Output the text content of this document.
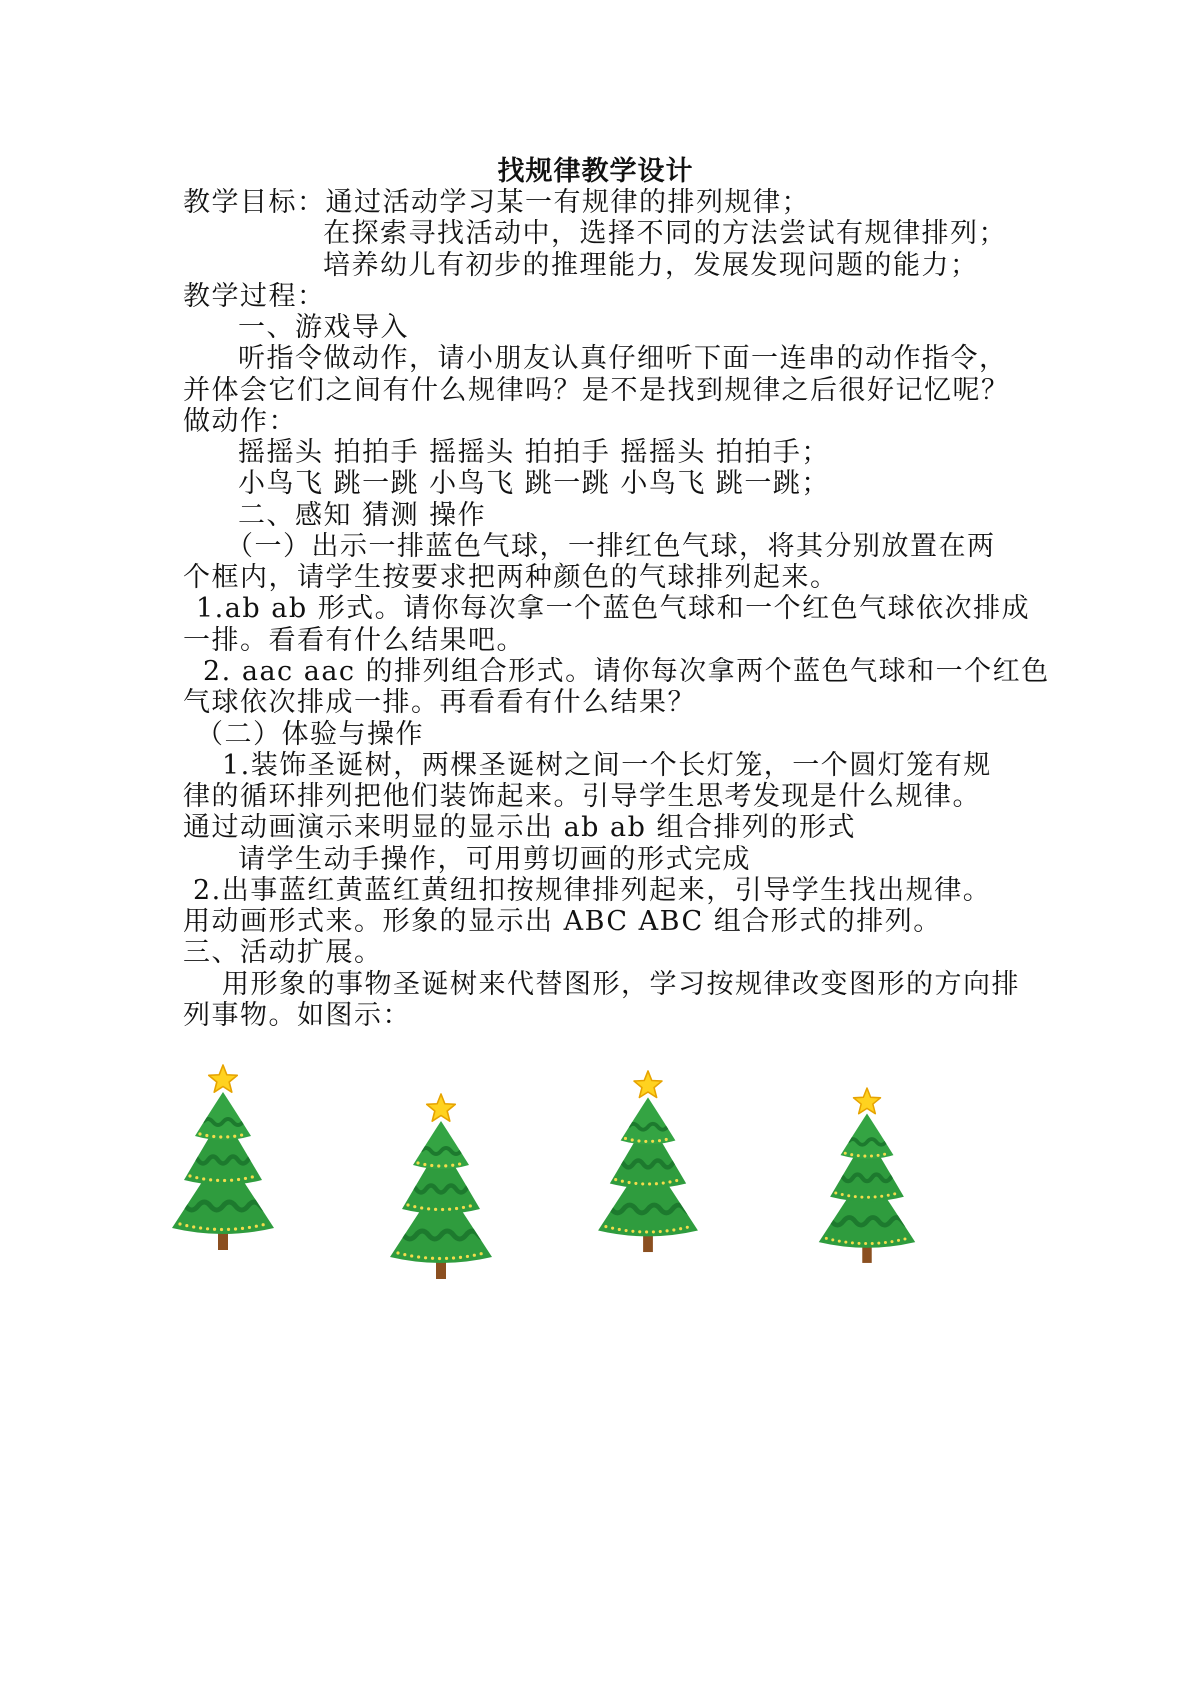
找规律教学设计
教学目标：通过活动学习某一有规律的排列规律；
在探索寻找活动中，选择不同的方法尝试有规律排列；
培养幼儿有初步的推理能力，发展发现问题的能力；
教学过程：
一、游戏导入
听指令做动作，请小朋友认真仔细听下面一连串的动作指令，
并体会它们之间有什么规律吗？是不是找到规律之后很好记忆呢？
做动作：
摇摇头 拍拍手 摇摇头 拍拍手 摇摇头 拍拍手；
小鸟飞 跳一跳 小鸟飞 跳一跳 小鸟飞 跳一跳；
二、感知 猜测 操作
（一）出示一排蓝色气球，一排红色气球，将其分别放置在两
个框内，请学生按要求把两种颜色的气球排列起来。
1.ab ab 形式。请你每次拿一个蓝色气球和一个红色气球依次排成
一排。看看有什么结果吧。
2. aac aac 的排列组合形式。请你每次拿两个蓝色气球和一个红色
气球依次排成一排。再看看有什么结果？
（二）体验与操作
1.装饰圣诞树，两棵圣诞树之间一个长灯笼，一个圆灯笼有规
律的循环排列把他们装饰起来。引导学生思考发现是什么规律。
通过动画演示来明显的显示出 ab ab 组合排列的形式
请学生动手操作，可用剪切画的形式完成
2.出事蓝红黄蓝红黄纽扣按规律排列起来，引导学生找出规律。
用动画形式来。形象的显示出 ABC ABC 组合形式的排列。
三、活动扩展。
用形象的事物圣诞树来代替图形，学习按规律改变图形的方向排
列事物。如图示：
